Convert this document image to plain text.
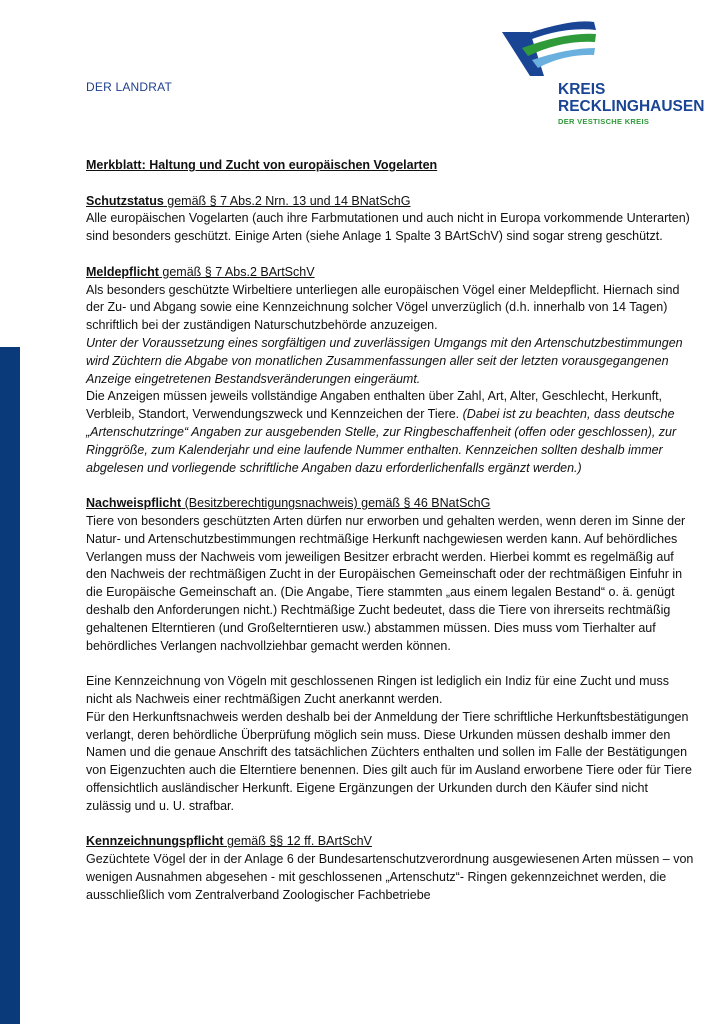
DER LANDRAT	KREIS
RECKLINGHAUSEN
DER VESTISCHE KREIS
Merkblatt: Haltung und Zucht von europäischen Vogelarten
Schutzstatus gemäß § 7 Abs.2 Nrn. 13 und 14 BNatSchG

Alle europäischen Vogelarten (auch ihre Farbmutationen und auch nicht in Europa vorkommende Unterarten) sind besonders geschützt. Einige Arten (siehe Anlage 1 Spalte 3 BArtSchV) sind sogar streng geschützt.

Meldepflicht gemäß § 7 Abs.2 BArtSchV

Als besonders geschützte Wirbeltiere unterliegen alle europäischen Vögel einer Meldepflicht. Hiernach sind der Zu- und Abgang sowie eine Kennzeichnung solcher Vögel unverzüglich (d.h. innerhalb von 14 Tagen) schriftlich bei der zuständigen Naturschutzbehörde anzuzeigen.

Unter der Voraussetzung eines sorgfältigen und zuverlässigen Umgangs mit den Artenschutzbestimmungen wird Züchtern die Abgabe von monatlichen Zusammenfassungen aller seit der letzten vorausgegangenen Anzeige eingetretenen Bestandsveränderungen eingeräumt.

Die Anzeigen müssen jeweils vollständige Angaben enthalten über Zahl, Art, Alter, Geschlecht, Herkunft, Verbleib, Standort, Verwendungszweck und Kennzeichen der Tiere. (Dabei ist zu beachten, dass deutsche „Artenschutzringe“ Angaben zur ausgebenden Stelle, zur Ringbeschaffenheit (offen oder geschlossen), zur Ringgröße, zum Kalenderjahr und eine laufende Nummer enthalten. Kennzeichen sollten deshalb immer abgelesen und vorliegende schriftliche Angaben dazu erforderlichenfalls ergänzt werden.)

Nachweispflicht (Besitzberechtigungsnachweis) gemäß § 46 BNatSchG

Tiere von besonders geschützten Arten dürfen nur erworben und gehalten werden, wenn deren im Sinne der Natur- und Artenschutzbestimmungen rechtmäßige Herkunft nachgewiesen werden kann. Auf behördliches Verlangen muss der Nachweis vom jeweiligen Besitzer erbracht werden. Hierbei kommt es regelmäßig auf den Nachweis der rechtmäßigen Zucht in der Europäischen Gemeinschaft oder der rechtmäßigen Einfuhr in die Europäische Gemeinschaft an. (Die Angabe, Tiere stammten „aus einem legalen Bestand“ o. ä. genügt deshalb den Anforderungen nicht.) Rechtmäßige Zucht bedeutet, dass die Tiere von ihrerseits rechtmäßig gehaltenen Elterntieren (und Großelterntieren usw.) abstammen müssen. Dies muss vom Tierhalter auf behördliches Verlangen nachvollziehbar gemacht werden können.

Eine Kennzeichnung von Vögeln mit geschlossenen Ringen ist lediglich ein Indiz für eine Zucht und muss nicht als Nachweis einer rechtmäßigen Zucht anerkannt werden.

Für den Herkunftsnachweis werden deshalb bei der Anmeldung der Tiere schriftliche Herkunftsbestätigungen verlangt, deren behördliche Überprüfung möglich sein muss. Diese Urkunden müssen deshalb immer den Namen und die genaue Anschrift des tatsächlichen Züchters enthalten und sollen im Falle der Bestätigungen von Eigenzuchten auch die Elterntiere benennen. Dies gilt auch für im Ausland erworbene Tiere oder für Tiere offensichtlich ausländischer Herkunft. Eigene Ergänzungen der Urkunden durch den Käufer sind nicht zulässig und u. U. strafbar.

Kennzeichnungspflicht gemäß §§ 12 ff. BArtSchV

Gezüchtete Vögel der in der Anlage 6 der Bundesartenschutzverordnung ausgewiesenen Arten müssen – von wenigen Ausnahmen abgesehen - mit geschlossenen „Artenschutz“- Ringen gekennzeichnet werden, die ausschließlich vom Zentralverband Zoologischer Fachbetriebe
